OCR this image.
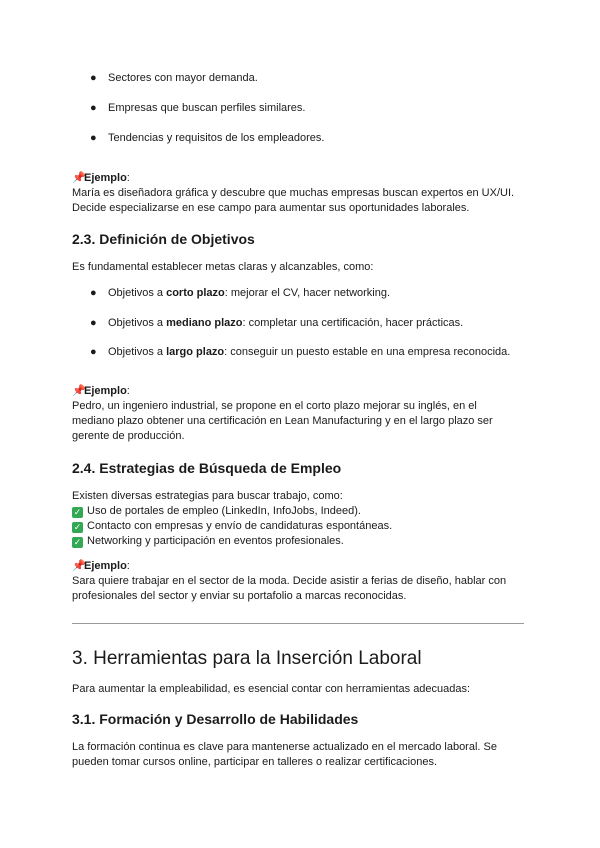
● Sectores con mayor demanda.
● Empresas que buscan perfiles similares.
● Tendencias y requisitos de los empleadores.
📌Ejemplo:
María es diseñadora gráfica y descubre que muchas empresas buscan expertos en UX/UI.
Decide especializarse en ese campo para aumentar sus oportunidades laborales.
2.3. Definición de Objetivos
Es fundamental establecer metas claras y alcanzables, como:
● Objetivos a corto plazo: mejorar el CV, hacer networking.
● Objetivos a mediano plazo: completar una certificación, hacer prácticas.
● Objetivos a largo plazo: conseguir un puesto estable en una empresa reconocida.
📌Ejemplo:
Pedro, un ingeniero industrial, se propone en el corto plazo mejorar su inglés, en el
mediano plazo obtener una certificación en Lean Manufacturing y en el largo plazo ser
gerente de producción.
2.4. Estrategias de Búsqueda de Empleo
Existen diversas estrategias para buscar trabajo, como:
✓ Uso de portales de empleo (LinkedIn, InfoJobs, Indeed).
✓ Contacto con empresas y envío de candidaturas espontáneas.
✓ Networking y participación en eventos profesionales.
📌Ejemplo:
Sara quiere trabajar en el sector de la moda. Decide asistir a ferias de diseño, hablar con
profesionales del sector y enviar su portafolio a marcas reconocidas.
3. Herramientas para la Inserción Laboral
Para aumentar la empleabilidad, es esencial contar con herramientas adecuadas:
3.1. Formación y Desarrollo de Habilidades
La formación continua es clave para mantenerse actualizado en el mercado laboral. Se
pueden tomar cursos online, participar en talleres o realizar certificaciones.
